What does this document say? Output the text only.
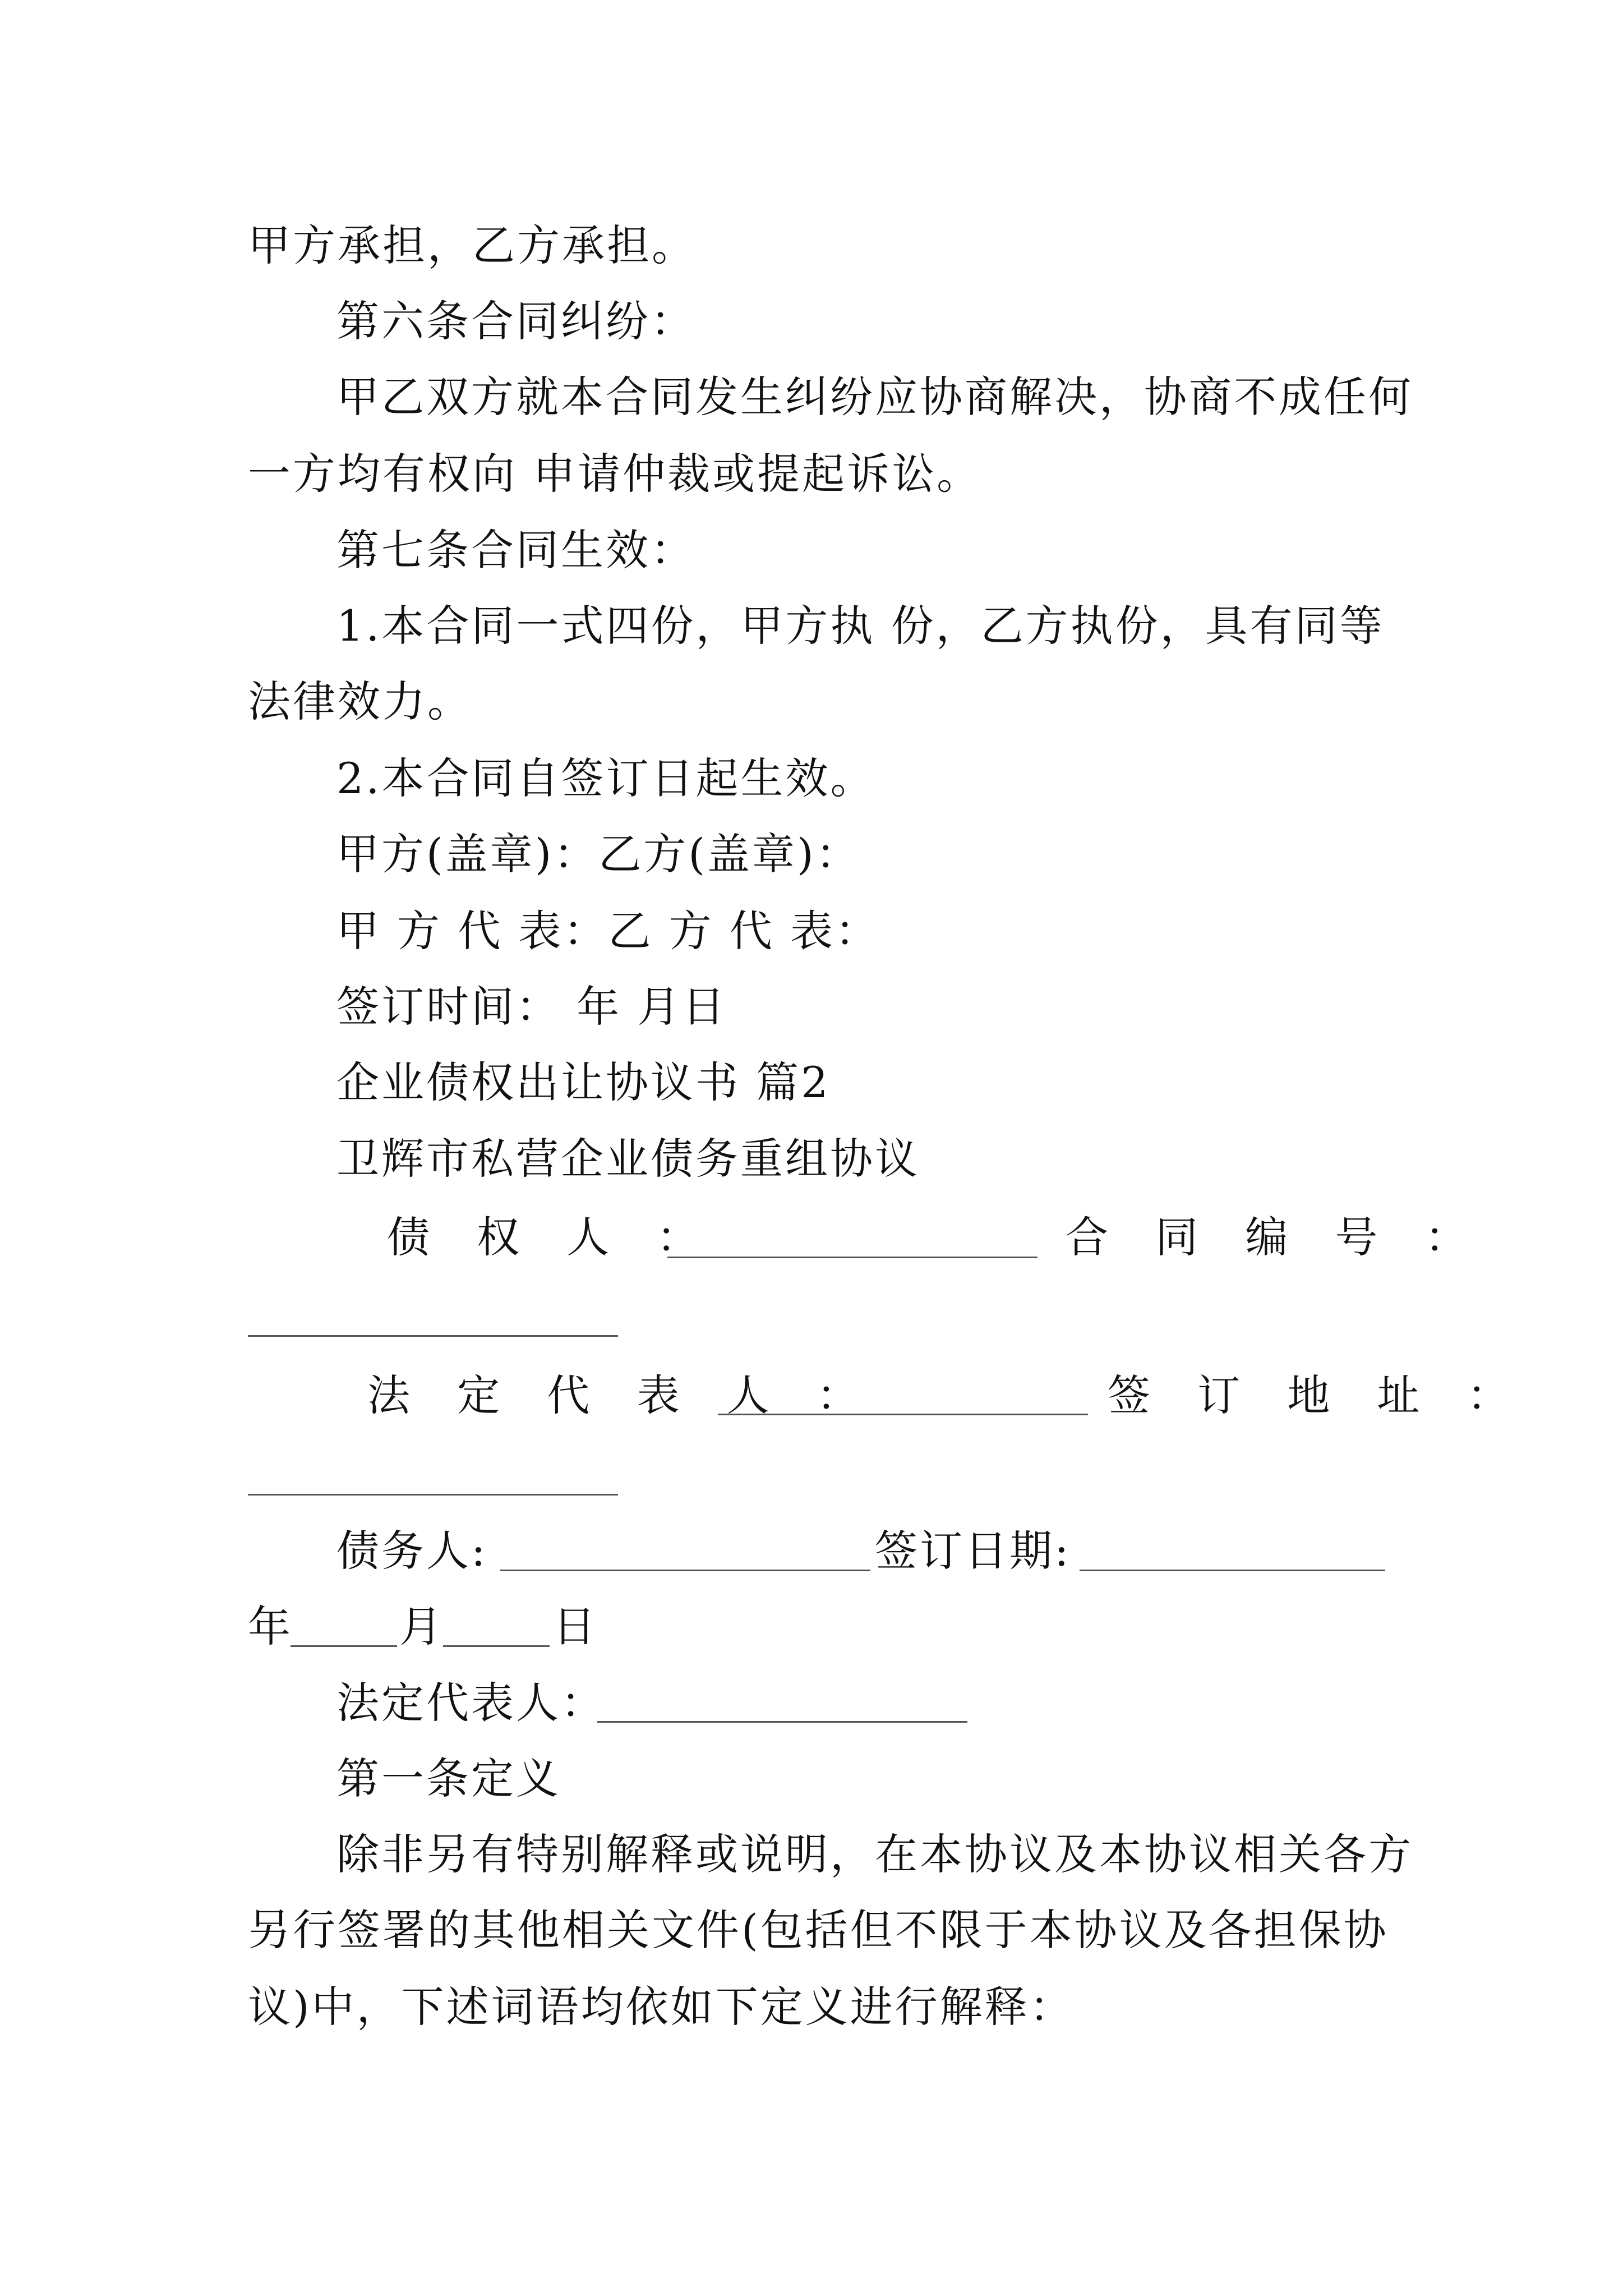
甲方承担，乙方承担。
第六条合同纠纷：
甲乙双方就本合同发生纠纷应协商解决，协商不成任何
一方均有权向 申请仲裁或提起诉讼。
第七条合同生效：
1.本合同一式四份，甲方执 份，乙方执份，具有同等
法律效力。
2.本合同自签订日起生效。
甲方(盖章)：乙方(盖章)：
甲 方 代 表：乙 方 代 表：
签订时间： 年 月日
企业债权出让协议书 篇2
卫辉市私营企业债务重组协议
债 权 人 ：	合 同 编 号 ：
法 定 代 表 人 ：	签 订 地 址 ：
债务人:	签订日期:
年	月	日
法定代表人：
第一条定义
除非另有特别解释或说明，在本协议及本协议相关各方
另行签署的其他相关文件(包括但不限于本协议及各担保协
议)中，下述词语均依如下定义进行解释：
